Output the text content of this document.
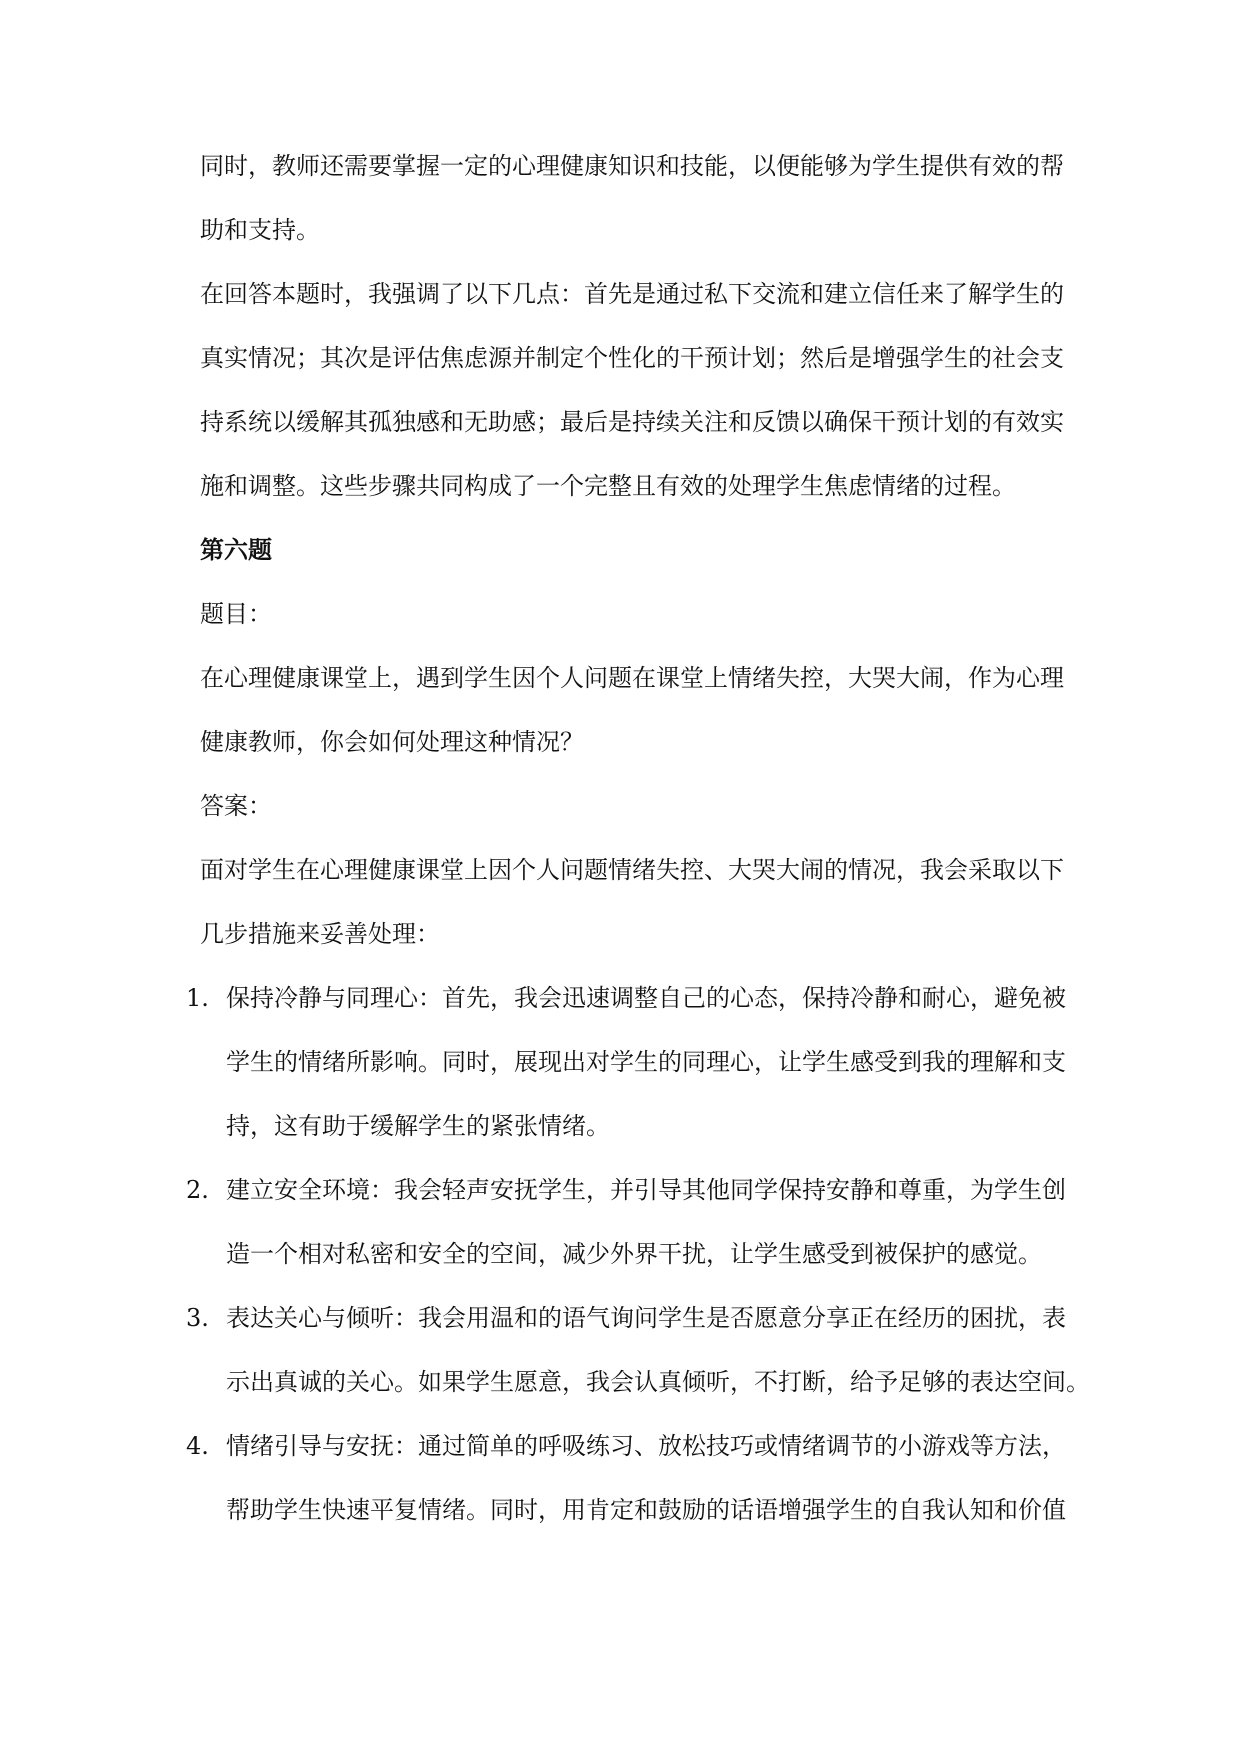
同时，教师还需要掌握一定的心理健康知识和技能，以便能够为学生提供有效的帮
助和支持。
在回答本题时，我强调了以下几点：首先是通过私下交流和建立信任来了解学生的
真实情况；其次是评估焦虑源并制定个性化的干预计划；然后是增强学生的社会支
持系统以缓解其孤独感和无助感；最后是持续关注和反馈以确保干预计划的有效实
施和调整。这些步骤共同构成了一个完整且有效的处理学生焦虑情绪的过程。
第六题
题目：
在心理健康课堂上，遇到学生因个人问题在课堂上情绪失控，大哭大闹，作为心理
健康教师，你会如何处理这种情况？
答案：
面对学生在心理健康课堂上因个人问题情绪失控、大哭大闹的情况，我会采取以下
几步措施来妥善处理：
1. 保持冷静与同理心：首先，我会迅速调整自己的心态，保持冷静和耐心，避免被
学生的情绪所影响。同时，展现出对学生的同理心，让学生感受到我的理解和支
持，这有助于缓解学生的紧张情绪。
2. 建立安全环境：我会轻声安抚学生，并引导其他同学保持安静和尊重，为学生创
造一个相对私密和安全的空间，减少外界干扰，让学生感受到被保护的感觉。
3. 表达关心与倾听：我会用温和的语气询问学生是否愿意分享正在经历的困扰，表
示出真诚的关心。如果学生愿意，我会认真倾听，不打断，给予足够的表达空间。
4. 情绪引导与安抚：通过简单的呼吸练习、放松技巧或情绪调节的小游戏等方法，
帮助学生快速平复情绪。同时，用肯定和鼓励的话语增强学生的自我认知和价值
